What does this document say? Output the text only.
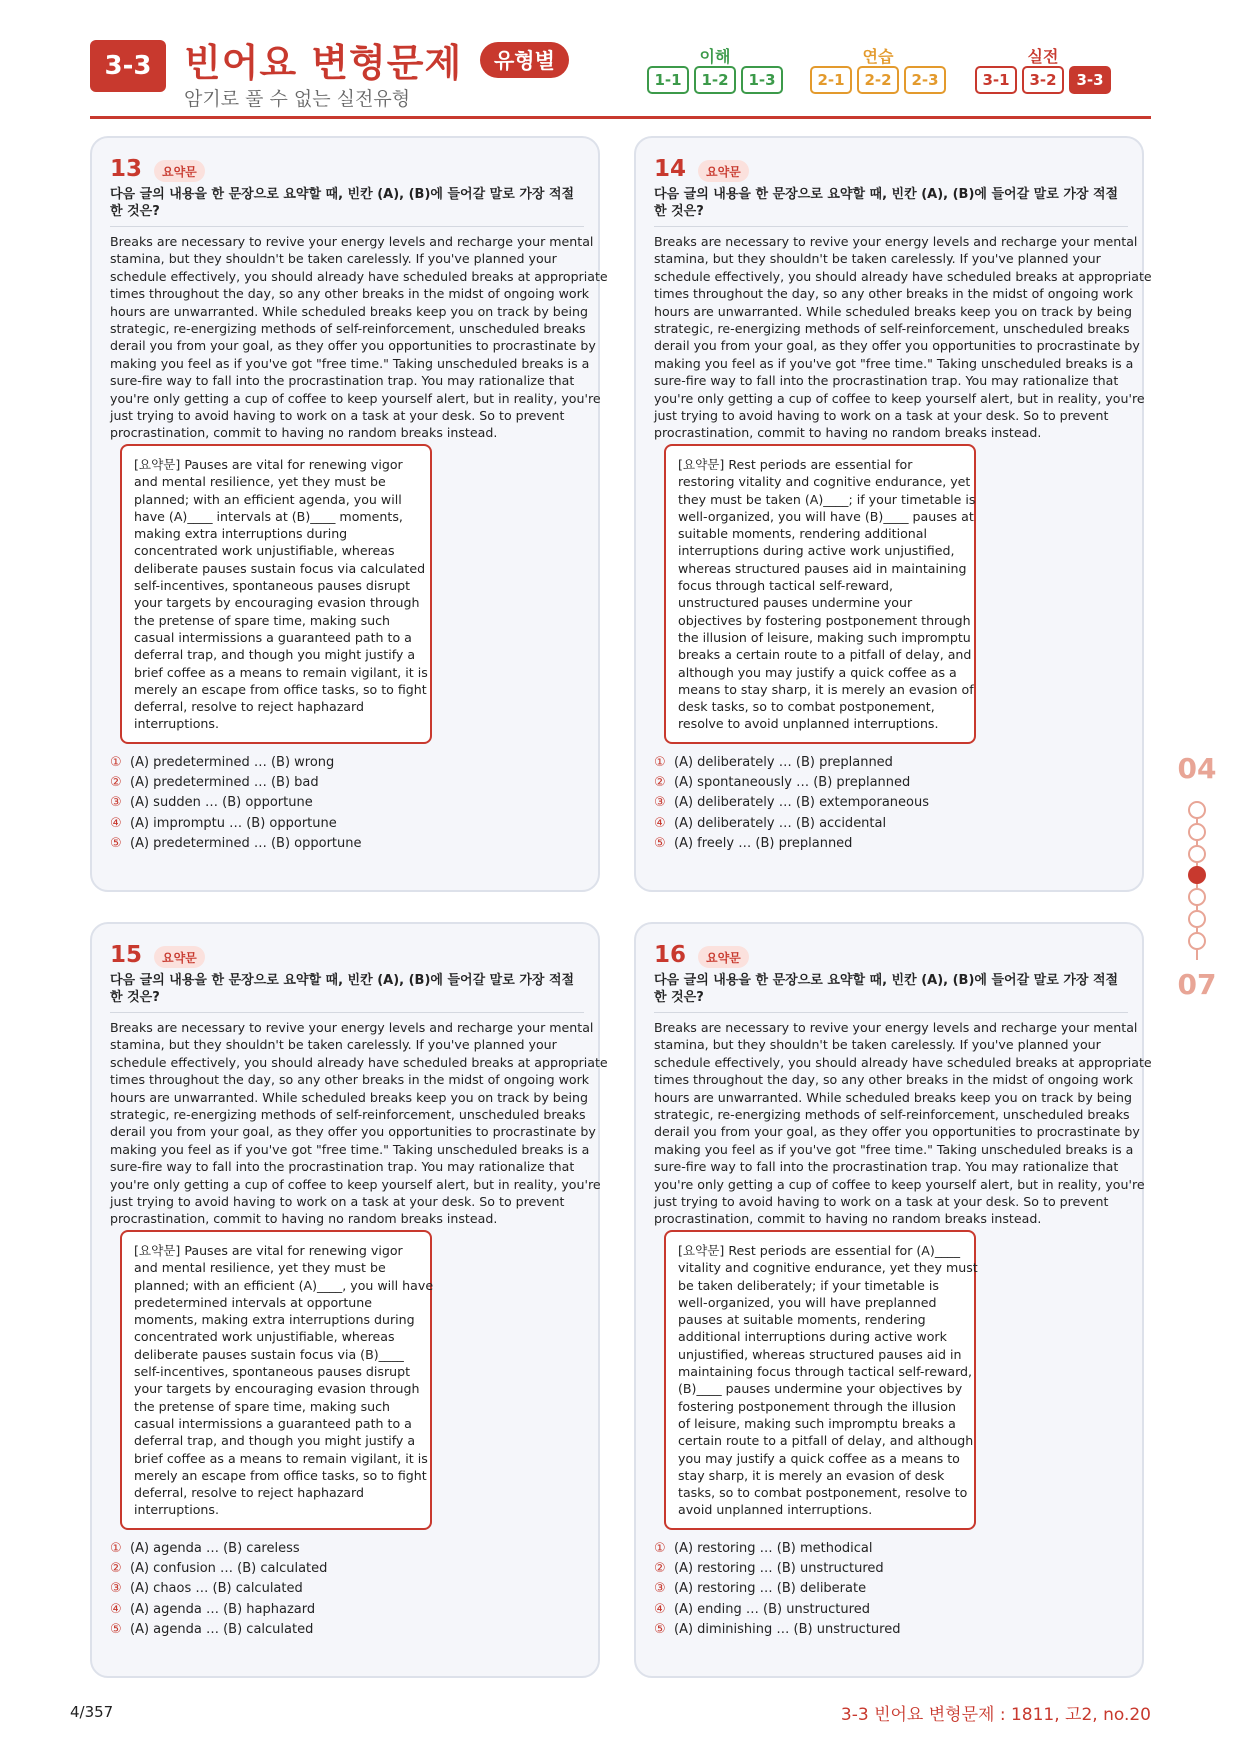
3-3 빈어요 변형문제	유형별
암기로 풀 수 없는 실전유형
이해
1-1	1-2	1-3
연습
2-1	2-2	2-3
실전
3-1	3-2	3-3
04
07
13	요약문
다음 글의 내용을 한 문장으로 요약할 때, 빈칸 (A), (B)에 들어갈 말로 가장 적절
한 것은?
Breaks are necessary to revive your energy levels and recharge your mental
stamina, but they shouldn't be taken carelessly. If you've planned your
schedule effectively, you should already have scheduled breaks at appropriate
times throughout the day, so any other breaks in the midst of ongoing work
hours are unwarranted. While scheduled breaks keep you on track by being
strategic, re-energizing methods of self-reinforcement, unscheduled breaks
derail you from your goal, as they offer you opportunities to procrastinate by
making you feel as if you've got "free time." Taking unscheduled breaks is a
sure-fire way to fall into the procrastination trap. You may rationalize that
you're only getting a cup of coffee to keep yourself alert, but in reality, you're
just trying to avoid having to work on a task at your desk. So to prevent
procrastination, commit to having no random breaks instead.
[요약문] Pauses are vital for renewing vigor
and mental resilience, yet they must be
planned; with an efficient agenda, you will
have (A)____ intervals at (B)____ moments,
making extra interruptions during
concentrated work unjustifiable, whereas
deliberate pauses sustain focus via calculated
self-incentives, spontaneous pauses disrupt
your targets by encouraging evasion through
the pretense of spare time, making such
casual intermissions a guaranteed path to a
deferral trap, and though you might justify a
brief coffee as a means to remain vigilant, it is
merely an escape from office tasks, so to fight
deferral, resolve to reject haphazard
interruptions.
① (A) predetermined … (B) wrong
② (A) predetermined … (B) bad
③ (A) sudden … (B) opportune
④ (A) impromptu … (B) opportune
⑤ (A) predetermined … (B) opportune
14	요약문
다음 글의 내용을 한 문장으로 요약할 때, 빈칸 (A), (B)에 들어갈 말로 가장 적절
한 것은?
Breaks are necessary to revive your energy levels and recharge your mental
stamina, but they shouldn't be taken carelessly. If you've planned your
schedule effectively, you should already have scheduled breaks at appropriate
times throughout the day, so any other breaks in the midst of ongoing work
hours are unwarranted. While scheduled breaks keep you on track by being
strategic, re-energizing methods of self-reinforcement, unscheduled breaks
derail you from your goal, as they offer you opportunities to procrastinate by
making you feel as if you've got "free time." Taking unscheduled breaks is a
sure-fire way to fall into the procrastination trap. You may rationalize that
you're only getting a cup of coffee to keep yourself alert, but in reality, you're
just trying to avoid having to work on a task at your desk. So to prevent
procrastination, commit to having no random breaks instead.
[요약문] Rest periods are essential for
restoring vitality and cognitive endurance, yet
they must be taken (A)____; if your timetable is
well-organized, you will have (B)____ pauses at
suitable moments, rendering additional
interruptions during active work unjustified,
whereas structured pauses aid in maintaining
focus through tactical self-reward,
unstructured pauses undermine your
objectives by fostering postponement through
the illusion of leisure, making such impromptu
breaks a certain route to a pitfall of delay, and
although you may justify a quick coffee as a
means to stay sharp, it is merely an evasion of
desk tasks, so to combat postponement,
resolve to avoid unplanned interruptions.
① (A) deliberately … (B) preplanned
② (A) spontaneously … (B) preplanned
③ (A) deliberately … (B) extemporaneous
④ (A) deliberately … (B) accidental
⑤ (A) freely … (B) preplanned
15	요약문
다음 글의 내용을 한 문장으로 요약할 때, 빈칸 (A), (B)에 들어갈 말로 가장 적절
한 것은?
Breaks are necessary to revive your energy levels and recharge your mental
stamina, but they shouldn't be taken carelessly. If you've planned your
schedule effectively, you should already have scheduled breaks at appropriate
times throughout the day, so any other breaks in the midst of ongoing work
hours are unwarranted. While scheduled breaks keep you on track by being
strategic, re-energizing methods of self-reinforcement, unscheduled breaks
derail you from your goal, as they offer you opportunities to procrastinate by
making you feel as if you've got "free time." Taking unscheduled breaks is a
sure-fire way to fall into the procrastination trap. You may rationalize that
you're only getting a cup of coffee to keep yourself alert, but in reality, you're
just trying to avoid having to work on a task at your desk. So to prevent
procrastination, commit to having no random breaks instead.
[요약문] Pauses are vital for renewing vigor
and mental resilience, yet they must be
planned; with an efficient (A)____, you will have
predetermined intervals at opportune
moments, making extra interruptions during
concentrated work unjustifiable, whereas
deliberate pauses sustain focus via (B)____
self-incentives, spontaneous pauses disrupt
your targets by encouraging evasion through
the pretense of spare time, making such
casual intermissions a guaranteed path to a
deferral trap, and though you might justify a
brief coffee as a means to remain vigilant, it is
merely an escape from office tasks, so to fight
deferral, resolve to reject haphazard
interruptions.
① (A) agenda … (B) careless
② (A) confusion … (B) calculated
③ (A) chaos … (B) calculated
④ (A) agenda … (B) haphazard
⑤ (A) agenda … (B) calculated
16	요약문
다음 글의 내용을 한 문장으로 요약할 때, 빈칸 (A), (B)에 들어갈 말로 가장 적절
한 것은?
Breaks are necessary to revive your energy levels and recharge your mental
stamina, but they shouldn't be taken carelessly. If you've planned your
schedule effectively, you should already have scheduled breaks at appropriate
times throughout the day, so any other breaks in the midst of ongoing work
hours are unwarranted. While scheduled breaks keep you on track by being
strategic, re-energizing methods of self-reinforcement, unscheduled breaks
derail you from your goal, as they offer you opportunities to procrastinate by
making you feel as if you've got "free time." Taking unscheduled breaks is a
sure-fire way to fall into the procrastination trap. You may rationalize that
you're only getting a cup of coffee to keep yourself alert, but in reality, you're
just trying to avoid having to work on a task at your desk. So to prevent
procrastination, commit to having no random breaks instead.
[요약문] Rest periods are essential for (A)____
vitality and cognitive endurance, yet they must
be taken deliberately; if your timetable is
well-organized, you will have preplanned
pauses at suitable moments, rendering
additional interruptions during active work
unjustified, whereas structured pauses aid in
maintaining focus through tactical self-reward,
(B)____ pauses undermine your objectives by
fostering postponement through the illusion
of leisure, making such impromptu breaks a
certain route to a pitfall of delay, and although
you may justify a quick coffee as a means to
stay sharp, it is merely an evasion of desk
tasks, so to combat postponement, resolve to
avoid unplanned interruptions.
① (A) restoring … (B) methodical
② (A) restoring … (B) unstructured
③ (A) restoring … (B) deliberate
④ (A) ending … (B) unstructured
⑤ (A) diminishing … (B) unstructured
4/357	3-3 빈어요 변형문제 : 1811, 고2, no.20
